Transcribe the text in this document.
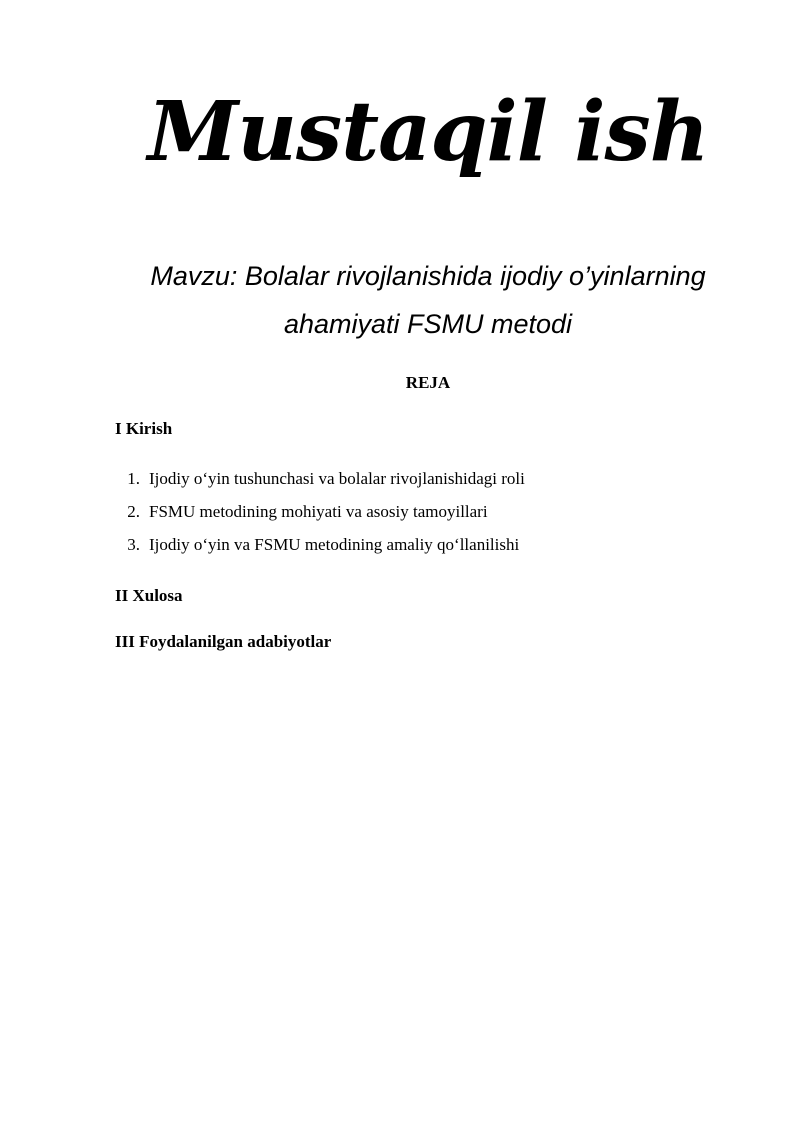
Mustaqil ish

Mavzu: Bolalar rivojlanishida ijodiy o’yinlarning ahamiyati FSMU metodi

REJA

I Kirish

1. Ijodiy o‘yin tushunchasi va bolalar rivojlanishidagi roli
2. FSMU metodining mohiyati va asosiy tamoyillari
3. Ijodiy o‘yin va FSMU metodining amaliy qo‘llanilishi

II Xulosa

III Foydalanilgan adabiyotlar
